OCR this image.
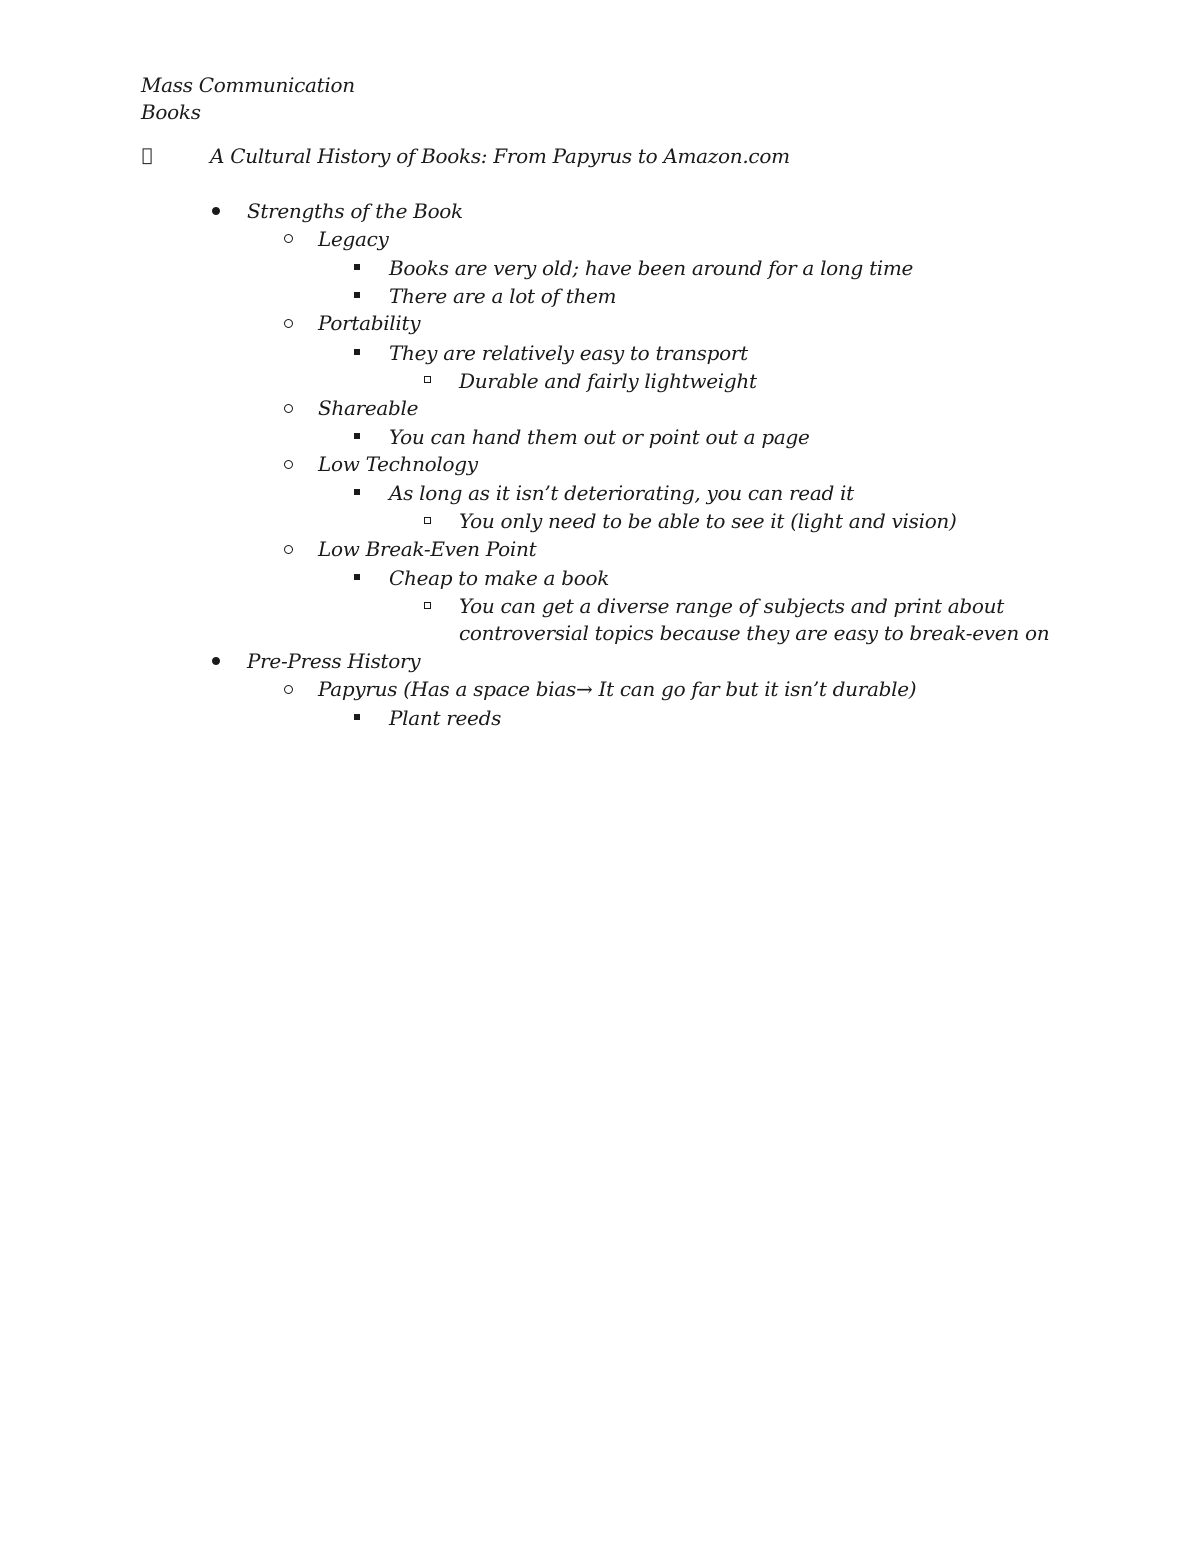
Mass Communication
Books
A Cultural History of Books: From Papyrus to Amazon.com
Strengths of the Book
Legacy
Books are very old; have been around for a long time
There are a lot of them
Portability
They are relatively easy to transport
Durable and fairly lightweight
Shareable
You can hand them out or point out a page
Low Technology
As long as it isn’t deteriorating, you can read it
You only need to be able to see it (light and vision)
Low Break-Even Point
Cheap to make a book
You can get a diverse range of subjects and print about
controversial topics because they are easy to break-even on
Pre-Press History
Papyrus (Has a space bias→ It can go far but it isn’t durable)
Plant reeds
